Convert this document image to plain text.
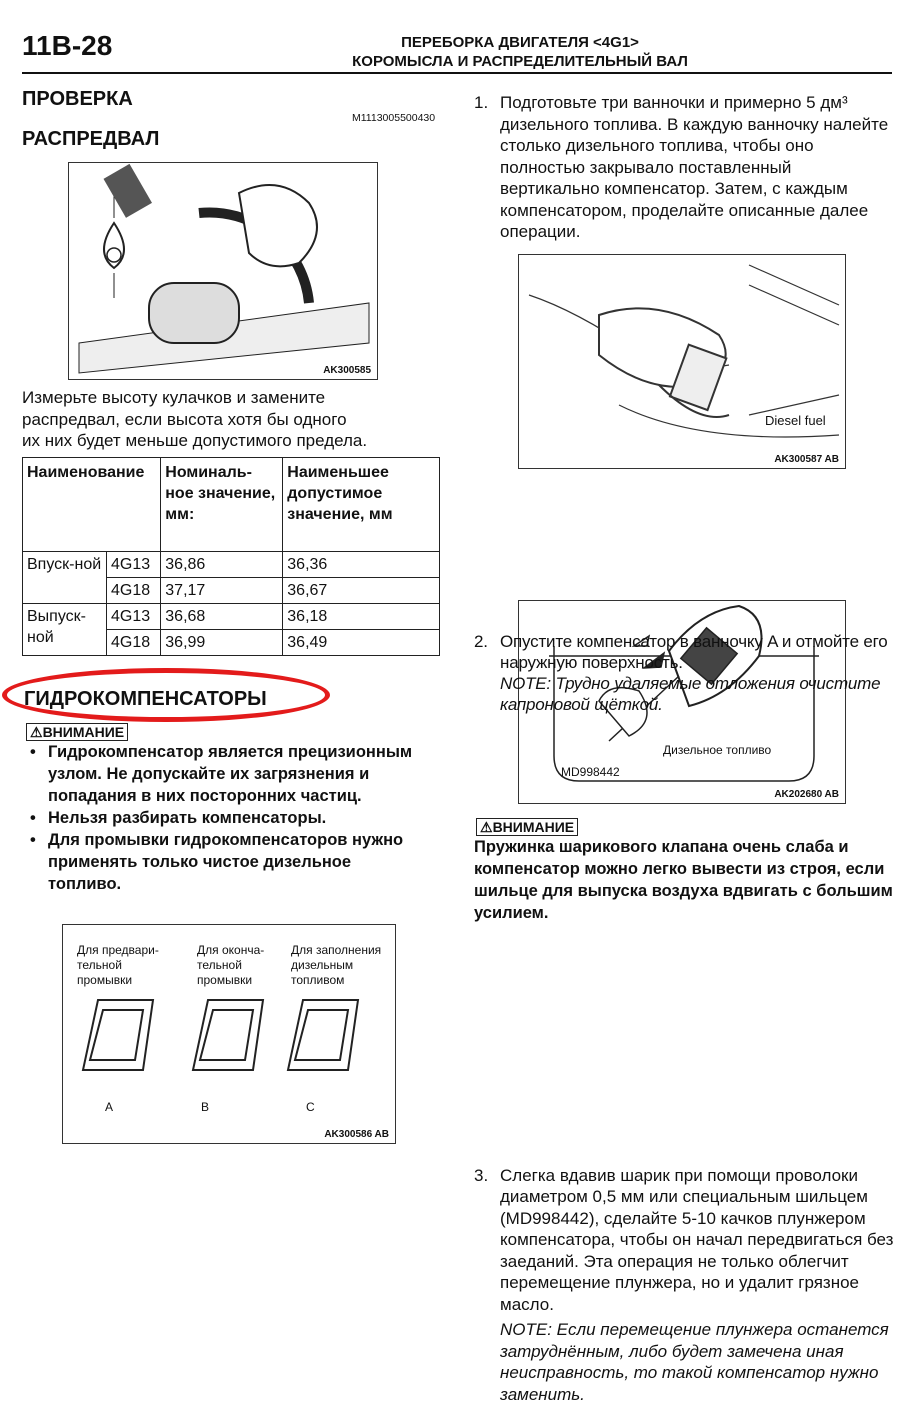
11B-28	ПЕРЕБОРКА ДВИГАТЕЛЯ <4G1>
КОРОМЫСЛА И РАСПРЕДЕЛИТЕЛЬНЫЙ ВАЛ
ПРОВЕРКА
M1113005500430
РАСПРЕДВАЛ
AK300585
Измерьте высоту кулачков и замените
распредвал, если высота хотя бы одного
их них будет меньше допустимого предела.
Наименование		Номиналь-ное значение, мм:	Наименьшее допустимое значение, мм
Впуск-ной	4G13	36,86	36,36
	4G18	37,17	36,67
Выпуск-ной	4G13	36,68	36,18
	4G18	36,99	36,49
ГИДРОКОМПЕНСАТОРЫ
⚠ВНИМАНИЕ
• Гидрокомпенсатор является прецизионным узлом. Не допускайте их загрязнения и попадания в них посторонних частиц.
• Нельзя разбирать компенсаторы.
• Для промывки гидрокомпенсаторов нужно применять только чистое дизельное топливо.
Для предвари-тельной промывки
Для оконча-тельной промывки
Для заполнения дизельным топливом
A	B	C
AK300586 AB
1. Подготовьте три ванночки и примерно 5 дм³ дизельного топлива. В каждую ванночку налейте столько дизельного топлива, чтобы оно полностью закрывало поставленный вертикально компенсатор. Затем, с каждым компенсатором, проделайте описанные далее операции.
Diesel fuel
AK300587 AB
2. Опустите компенсатор в ванночку A и отмойте его наружную поверхность.
NOTE: Трудно удаляемые отложения очистите капроновой щёткой.
MD998442
Дизельное топливо
AK202680 AB
⚠ВНИМАНИЕ
Пружинка шарикового клапана очень слаба и компенсатор можно легко вывести из строя, если шильце для выпуска воздуха вдвигать с большим усилием.
3. Слегка вдавив шарик при помощи проволоки диаметром 0,5 мм или специальным шильцем (MD998442), сделайте 5-10 качков плунжером компенсатора, чтобы он начал передвигаться без заеданий. Эта операция не только облегчит перемещение плунжера, но и удалит грязное масло.
NOTE: Если перемещение плунжера останется затруднённым, либо будет замечена иная неисправность, то такой компенсатор нужно заменить.
